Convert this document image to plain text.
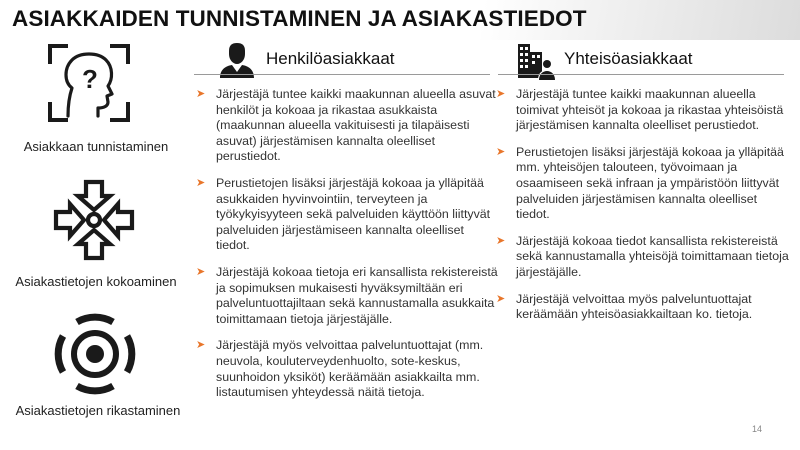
ASIAKKAIDEN TUNNISTAMINEN JA ASIAKASTIEDOT
?
Asiakkaan tunnistaminen
Asiakastietojen kokoaminen
Asiakastietojen rikastaminen
Henkilöasiakkaat
➤ Järjestäjä tuntee kaikki maakunnan alueella asuvat henkilöt ja kokoaa ja rikastaa asukkaista (maakunnan alueella vakituisesti ja tilapäisesti asuvat) järjestämisen kannalta oleelliset perustiedot.
➤ Perustietojen lisäksi järjestäjä kokoaa ja ylläpitää asukkaiden hyvinvointiin, terveyteen ja työkykyisyyteen sekä palveluiden käyttöön liittyvät palveluiden järjestämiseen kannalta oleelliset tiedot.
➤ Järjestäjä kokoaa tietoja eri kansallista rekistereistä ja sopimuksen mukaisesti hyväksymiltään eri palveluntuottajiltaan sekä kannustamalla asukkaita toimittamaan tietoja järjestäjälle.
➤ Järjestäjä myös velvoittaa palveluntuottajat (mm. neuvola, kouluterveydenhuolto, sote-keskus, suunhoidon yksiköt) keräämään asiakkailta mm. listautumisen yhteydessä näitä tietoja.
Yhteisöasiakkaat
➤ Järjestäjä tuntee kaikki maakunnan alueella toimivat yhteisöt ja kokoaa ja rikastaa yhteisöistä järjestämisen kannalta oleelliset perustiedot.
➤ Perustietojen lisäksi järjestäjä kokoaa ja ylläpitää mm. yhteisöjen talouteen, työvoimaan ja osaamiseen sekä infraan ja ympäristöön liittyvät palveluiden järjestämisen kannalta oleelliset tiedot.
➤ Järjestäjä kokoaa tiedot kansallista rekistereistä sekä kannustamalla yhteisöjä toimittamaan tietoja järjestäjälle.
➤ Järjestäjä velvoittaa myös palveluntuottajat keräämään yhteisöasiakkailtaan ko. tietoja.
14
